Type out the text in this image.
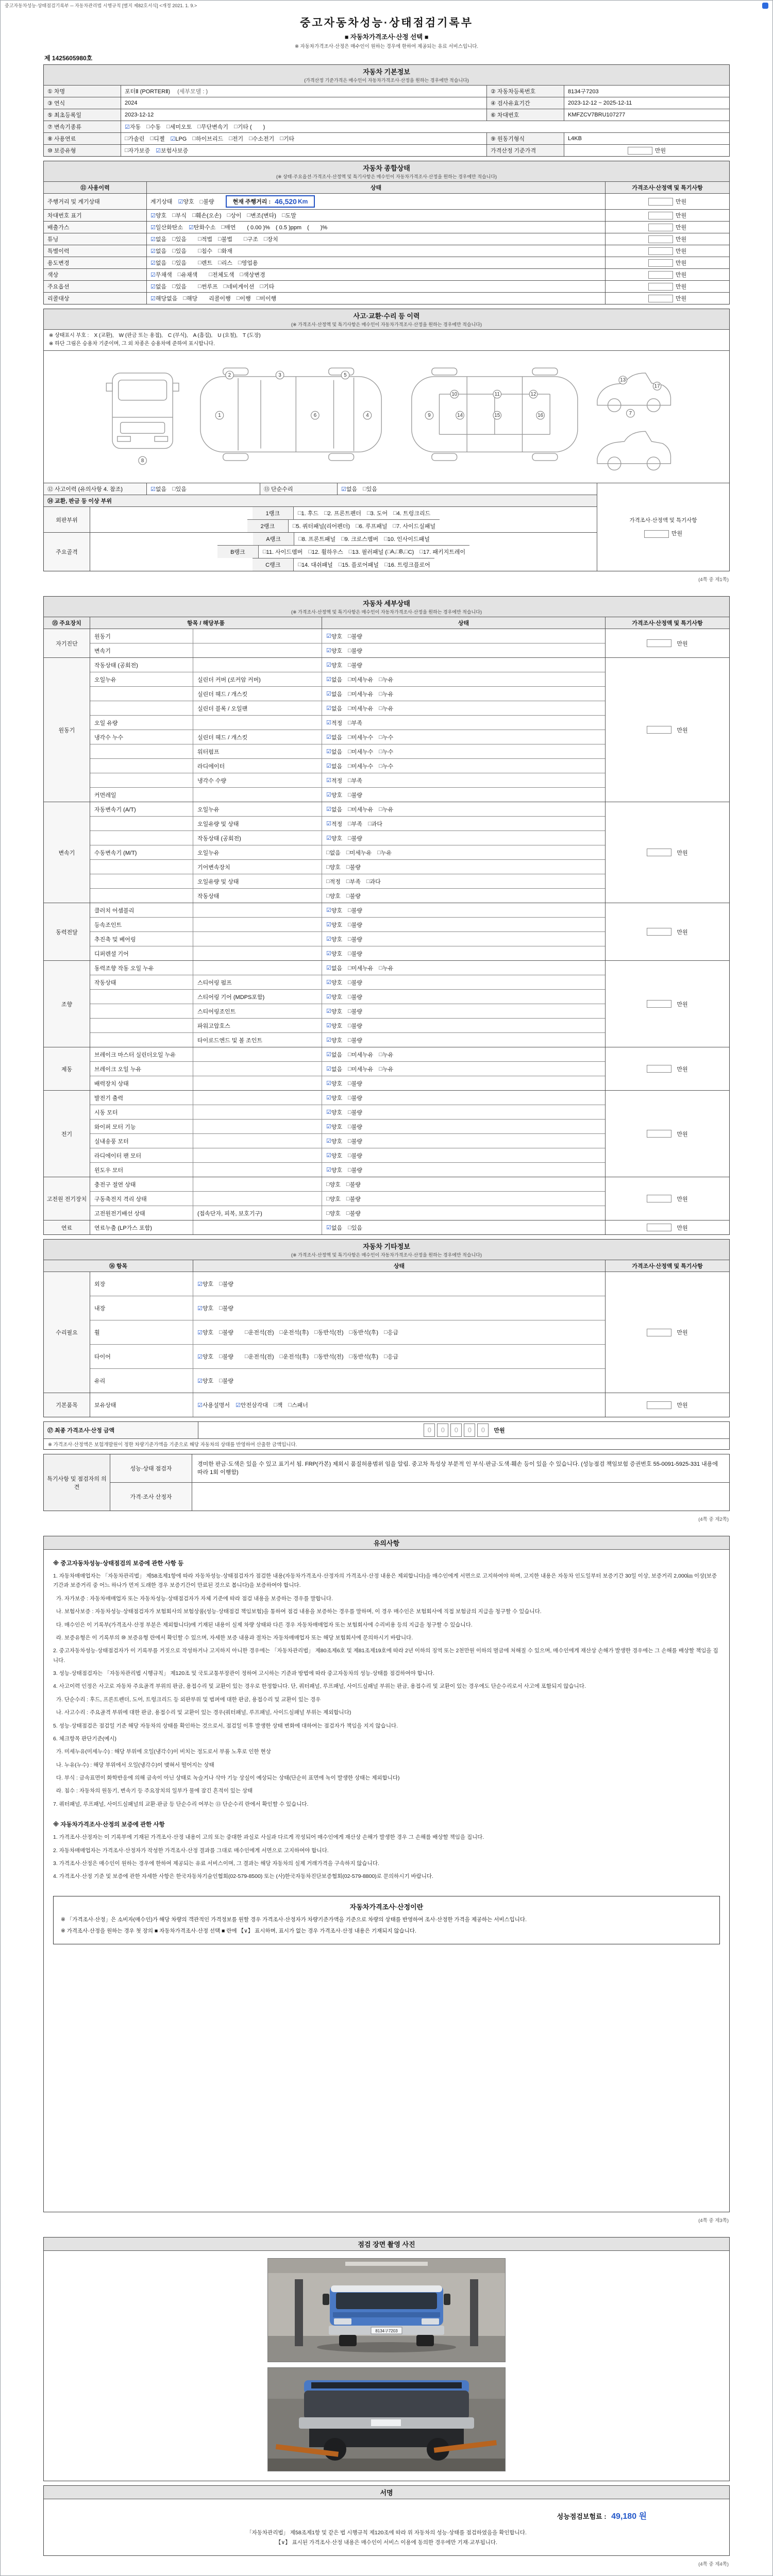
중고자동차성능·상태점검기록부 ─ 자동차관리법 시행규칙 [별지 제82호서식] <개정 2021. 1. 9.>
중고자동차성능·상태점검기록부
■ 자동차가격조사·산정 선택 ■
※ 자동차가격조사·산정은 매수인이 원하는 경우에 한하여 제공되는 유료 서비스입니다.
제 1425605980호
자동차 기본정보
(가격산정 기준가격은 매수인이 자동차가격조사·산정을 원하는 경우에만 적습니다)
① 차명	포터Ⅱ (PORTERⅡ) (세부모델 : )	② 자동차등록번호	8134구7203
③ 연식	2024	④ 검사유효기간	2023-12-12 ~ 2025-12-11
⑤ 최초등록일	2023-12-12	⑥ 차대번호	KMFZCV7BRU107277
⑦ 변속기종류	☑ 자동　 □ 수동　 □ 세미오토　 □ 무단변속기　 □ 기타 (　　)
⑧ 사용연료	□ 가솔린　 □ 디젤　 ☑ LPG　 □ 하이브리드　 □ 전기　 □ 수소전기　 □ 기타	⑨ 원동기형식	L4KB
⑩ 보증유형	□ 자가보증　 ☑ 보험사보증	가격산정 기준가격	만원
자동차 종합상태
(※ 상태·주요옵션·가격조사·산정액 및 특기사항은 매수인이 자동차가격조사·산정을 원하는 경우에만 적습니다)
⑪ 사용이력	상태	가격조사·산정액 및 특기사항
주행거리 및 계기상태	계기상태　☑양호　□불량	현재 주행거리 : 46,520 Km	만원
차대번호 표기	☑ 양호　 □ 부식　 □ 훼손(오손)　 □ 상이　 □ 변조(변타)　 □ 도말	만원
배출가스	☑ 일산화탄소　 ☑ 탄화수소　 □ 매연　　( 0.00 )%　( 0.5 )ppm　(　　)%	만원
튜닝	☑ 없음　 □ 있음　　 □ 적법　 □ 불법　　 □ 구조　 □ 장치	만원
특별이력	☑ 없음　 □ 있음　　 □ 침수　 □ 화재	만원
용도변경	☑ 없음　 □ 있음　　 □ 렌트　 □ 리스　 □ 영업용	만원
색상	☑ 무채색　 □ 유채색　　 □ 전체도색　 □ 색상변경	만원
주요옵션	☑ 없음　 □ 있음　　 □ 썬루프　 □ 네비게이션　 □ 기타	만원
리콜대상	☑ 해당없음　 □ 해당　　리콜이행　 □ 이행　 □ 미이행	만원
사고·교환·수리 등 이력
(※ 가격조사·산정액 및 특기사항은 매수인이 자동차가격조사·산정을 원하는 경우에만 적습니다)
※ 상태표시 부호 :　X (교환),　W (판금 또는 용접),　C (부식),　A (흠집),　U (요철),　T (도장)
※ 하단 그림은 승용차 기준이며, 그 외 차종은 승용차에 준하여 표시합니다.
1
2	3
4
5
6	7
8
9
10	11	12
13
14	15	16
17
⑫ 사고이력 (유의사항 4. 참조)	☑ 없음　 □ 있음	⑬ 단순수리	☑ 없음　 □ 있음
⑭ 교환, 판금 등 이상 부위
외판부위
1랭크	□ 1. 후드　 □ 2. 프론트펜더　 □ 3. 도어　 □ 4. 트렁크리드
2랭크	□ 5. 쿼터패널(리어펜더)　 □ 6. 루프패널　 □ 7. 사이드실패널
주요골격
A랭크	□ 8. 프론트패널　 □ 9. 크로스멤버　 □ 10. 인사이드패널
B랭크	□ 11. 사이드멤버　 □ 12. 휠하우스　 □ 13. 필러패널 ( □ A, □ B, □ C)　 □ 17. 패키지트레이
C랭크	□ 14. 대쉬패널　 □ 15. 플로어패널　 □ 16. 트렁크플로어
가격조사·산정액 및 특기사항
만원
(4쪽 중 제1쪽)
자동차 세부상태
(※ 가격조사·산정액 및 특기사항은 매수인이 자동차가격조사·산정을 원하는 경우에만 적습니다)
⑮ 주요장치	항목 / 해당부품	상태	가격조사·산정액 및 특기사항
자기진단
원동기	☑ 양호　 □ 불량
변속기	☑ 양호　 □ 불량
만원
원동기
작동상태 (공회전)	☑ 양호　 □ 불량
오일누유	실린더 커버 (로커암 커버)	☑ 없음　 □ 미세누유　 □ 누유
실린더 헤드 / 개스킷	☑ 없음　 □ 미세누유　 □ 누유
실린더 블록 / 오일팬	☑ 없음　 □ 미세누유　 □ 누유
오일 유량	☑ 적정　 □ 부족
냉각수 누수	실린더 헤드 / 개스킷	☑ 없음　 □ 미세누수　 □ 누수
워터펌프	☑ 없음　 □ 미세누수　 □ 누수
라디에이터	☑ 없음　 □ 미세누수　 □ 누수
냉각수 수량	☑ 적정　 □ 부족
커먼레일	☑ 양호　 □ 불량
만원
변속기
자동변속기 (A/T)	오일누유	☑ 없음　 □ 미세누유　 □ 누유
오일유량 및 상태	☑ 적정　 □ 부족　 □ 과다
작동상태 (공회전)	☑ 양호　 □ 불량
수동변속기 (M/T)	오일누유	□ 없음　 □ 미세누유　 □ 누유
기어변속장치	□ 양호　 □ 불량
오일유량 및 상태	□ 적정　 □ 부족　 □ 과다
작동상태	□ 양호　 □ 불량
만원
동력전달
클러치 어셈블리	☑ 양호　 □ 불량
등속조인트	☑ 양호　 □ 불량
추진축 및 베어링	☑ 양호　 □ 불량
디퍼렌셜 기어	☑ 양호　 □ 불량
만원
조향
동력조향 작동 오일 누유	☑ 없음　 □ 미세누유　 □ 누유
작동상태	스티어링 펌프	☑ 양호　 □ 불량
스티어링 기어 (MDPS포함)	☑ 양호　 □ 불량
스티어링조인트	☑ 양호　 □ 불량
파워고압호스	☑ 양호　 □ 불량
타이로드엔드 및 볼 조인트	☑ 양호　 □ 불량
만원
제동
브레이크 마스터 실린더오일 누유	☑ 없음　 □ 미세누유　 □ 누유
브레이크 오일 누유	☑ 없음　 □ 미세누유　 □ 누유
배력장치 상태	☑ 양호　 □ 불량
만원
전기
발전기 출력	☑ 양호　 □ 불량
시동 모터	☑ 양호　 □ 불량
와이퍼 모터 기능	☑ 양호　 □ 불량
실내송풍 모터	☑ 양호　 □ 불량
라디에이터 팬 모터	☑ 양호　 □ 불량
윈도우 모터	☑ 양호　 □ 불량
만원
고전원 전기장치
충전구 절연 상태	□ 양호　 □ 불량
구동축전지 격리 상태	□ 양호　 □ 불량
고전원전기배선 상태	(접속단자, 피복, 보호기구)	□ 양호　 □ 불량
만원
연료	연료누출 (LP가스 포함)	☑ 없음　 □ 있음	만원
자동차 기타정보
(※ 가격조사·산정액 및 특기사항은 매수인이 자동차가격조사·산정을 원하는 경우에만 적습니다)
⑯ 항목	상태	가격조사·산정액 및 특기사항
수리필요
외장	☑ 양호　 □ 불량
내장	☑ 양호　 □ 불량
휠	☑ 양호　 □ 불량　　 □ 운전석(전)　 □ 운전석(후)　 □ 동반석(전)　 □ 동반석(후)　 □ 응급
타이어	☑ 양호　 □ 불량　　 □ 운전석(전)　 □ 운전석(후)　 □ 동반석(전)　 □ 동반석(후)　 □ 응급
유리	☑ 양호　 □ 불량
만원
기본품목	보유상태	☑ 사용설명서　 ☑ 안전삼각대　 □ 잭　 □ 스패너	만원
⑰ 최종 가격조사·산정 금액	0	0	0	0	0	만원
※ 가격조사·산정액은 보험개발원이 정한 차량기준가액을 기준으로 해당 자동차의 상태를 반영하여 산출한 금액입니다.
특기사항 및 점검자의 의견
성능·상태 점검자
경미한 판금·도색은 있을 수 있고 표기서 됨. FRP(카본) 제외시 품질허용범위 임을 알림. 중고차 특성상 부분적 인 부식·판금·도색·훼손 등이 있을 수 있습니다. (성능점검 책임보험 증권번호 55-0091-5925-331 내용에 따라 1회 이행함)
가격·조사 산정자
(4쪽 중 제2쪽)
유의사항
※ 중고자동차성능·상태점검의 보증에 관한 사항 등
1. 자동차매매업자는 「자동차관리법」 제58조제1항에 따라 자동차성능·상태점검자가 점검한 내용(자동차가격조사·산정자의 가격조사·산정 내용은 제외합니다)을 매수인에게 서면으로 고지하여야 하며, 고지한 내용은 자동차 인도일부터 보증기간 30일 이상, 보증거리 2,000㎞ 이상(보증기간과 보증거리 중 어느 하나가 먼저 도래한 경우 보증기간이 만료된 것으로 봅니다)을 보증하여야 합니다.
가. 자가보증 : 자동차매매업자 또는 자동차성능·상태점검자가 자체 기준에 따라 점검 내용을 보증하는 경우를 말합니다.
나. 보험사보증 : 자동차성능·상태점검자가 보험회사의 보험상품(성능·상태점검 책임보험)을 통하여 점검 내용을 보증하는 경우를 말하며, 이 경우 매수인은 보험회사에 직접 보험금의 지급을 청구할 수 있습니다.
다. 매수인은 이 기록부(가격조사·산정 부분은 제외합니다)에 기재된 내용이 실제 차량 상태와 다른 경우 자동차매매업자 또는 보험회사에 수리비용 등의 지급을 청구할 수 있습니다.
라. 보증유형은 이 기록부의 ⑩ 보증유형 란에서 확인할 수 있으며, 자세한 보증 내용과 절차는 자동차매매업자 또는 해당 보험회사에 문의하시기 바랍니다.
2. 중고자동차성능·상태점검자가 이 기록부를 거짓으로 작성하거나 고지하지 아니한 경우에는 「자동차관리법」 제80조제6호 및 제81조제19호에 따라 2년 이하의 징역 또는 2천만원 이하의 벌금에 처해질 수 있으며, 매수인에게 재산상 손해가 발생한 경우에는 그 손해를 배상할 책임을 집니다.
3. 성능·상태점검자는 「자동차관리법 시행규칙」 제120조 및 국토교통부장관이 정하여 고시하는 기준과 방법에 따라 중고자동차의 성능·상태를 점검하여야 합니다.
4. 사고이력 인정은 사고로 자동차 주요골격 부위의 판금, 용접수리 및 교환이 있는 경우로 한정합니다. 단, 쿼터패널, 루프패널, 사이드실패널 부위는 판금, 용접수리 및 교환이 있는 경우에도 단순수리로서 사고에 포함되지 않습니다.
가. 단순수리 : 후드, 프론트펜더, 도어, 트렁크리드 등 외판부위 및 범퍼에 대한 판금, 용접수리 및 교환이 있는 경우
나. 사고수리 : 주요골격 부위에 대한 판금, 용접수리 및 교환이 있는 경우(쿼터패널, 루프패널, 사이드실패널 부위는 제외합니다)
5. 성능·상태점검은 점검일 기준 해당 자동차의 상태를 확인하는 것으로서, 점검일 이후 발생한 상태 변화에 대하여는 점검자가 책임을 지지 않습니다.
6. 체크항목 판단기준(예시)
가. 미세누유(미세누수) : 해당 부위에 오일(냉각수)이 비치는 정도로서 부품 노후로 인한 현상
나. 누유(누수) : 해당 부위에서 오일(냉각수)이 맺혀서 떨어지는 상태
다. 부식 : 금속표면이 화학반응에 의해 금속이 아닌 상태로 녹슬거나 삭아 기능 상실이 예상되는 상태(단순히 표면에 녹이 발생한 상태는 제외합니다)
라. 침수 : 자동차의 원동기, 변속기 등 주요장치의 일부가 물에 잠긴 흔적이 있는 상태
7. 쿼터패널, 루프패널, 사이드실패널의 교환·판금 등 단순수리 여부는 ⑬ 단순수리 란에서 확인할 수 있습니다.
※ 자동차가격조사·산정의 보증에 관한 사항
1. 가격조사·산정자는 이 기록부에 기재된 가격조사·산정 내용이 고의 또는 중대한 과실로 사실과 다르게 작성되어 매수인에게 재산상 손해가 발생한 경우 그 손해를 배상할 책임을 집니다.
2. 자동차매매업자는 가격조사·산정자가 작성한 가격조사·산정 결과를 그대로 매수인에게 서면으로 고지하여야 합니다.
3. 가격조사·산정은 매수인이 원하는 경우에 한하여 제공되는 유료 서비스이며, 그 결과는 해당 자동차의 실제 거래가격을 구속하지 않습니다.
4. 가격조사·산정 기준 및 보증에 관한 자세한 사항은 한국자동차기술인협회(02-579-8500) 또는 (사)한국자동차진단보증협회(02-579-8800)로 문의하시기 바랍니다.
자동차가격조사·산정이란
※ 「가격조사·산정」은 소비자(매수인)가 해당 차량의 객관적인 가격정보를 원할 경우 가격조사·산정자가 차량기준가액을 기준으로 차량의 상태를 반영하여 조사·산정한 가격을 제공하는 서비스입니다.
※ 가격조사·산정을 원하는 경우 첫 장의 ■ 자동차가격조사·산정 선택 ■ 란에 【∨】 표시하며, 표시가 없는 경우 가격조사·산정 내용은 기재되지 않습니다.
(4쪽 중 제3쪽)
점검 장면 촬영 사진
8134구7203
서명
성능점검보험료 : 49,180 원
「자동차관리법」 제58조제1항 및 같은 법 시행규칙 제120조에 따라 위 자동차의 성능·상태를 점검하였음을 확인합니다.
【∨】 표시된 가격조사·산정 내용은 매수인이 서비스 이용에 동의한 경우에만 기재·교부됩니다.
(4쪽 중 제4쪽)
